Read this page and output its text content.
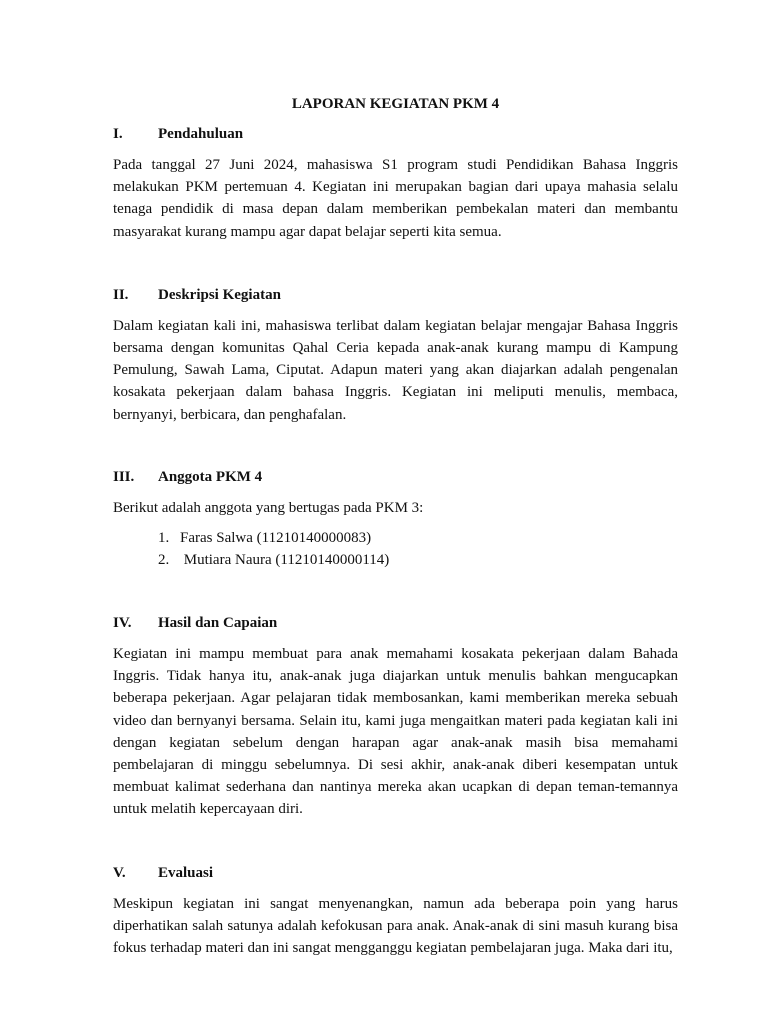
LAPORAN KEGIATAN PKM 4
I.	Pendahuluan

Pada tanggal 27 Juni 2024, mahasiswa S1 program studi Pendidikan Bahasa Inggris melakukan PKM pertemuan 4. Kegiatan ini merupakan bagian dari upaya mahasia selalu tenaga pendidik di masa depan dalam memberikan pembekalan materi dan membantu masyarakat kurang mampu agar dapat belajar seperti kita semua.

II.	Deskripsi Kegiatan

Dalam kegiatan kali ini, mahasiswa terlibat dalam kegiatan belajar mengajar Bahasa Inggris bersama dengan komunitas Qahal Ceria kepada anak-anak kurang mampu di Kampung Pemulung, Sawah Lama, Ciputat. Adapun materi yang akan diajarkan adalah pengenalan kosakata pekerjaan dalam bahasa Inggris. Kegiatan ini meliputi menulis, membaca, bernyanyi, berbicara, dan penghafalan.

III.	Anggota PKM 4

Berikut adalah anggota yang bertugas pada PKM 3:

1. Faras Salwa (11210140000083)
2. Mutiara Naura (11210140000114)
IV.	Hasil dan Capaian

Kegiatan ini mampu membuat para anak memahami kosakata pekerjaan dalam Bahada Inggris. Tidak hanya itu, anak-anak juga diajarkan untuk menulis bahkan mengucapkan beberapa pekerjaan. Agar pelajaran tidak membosankan, kami memberikan mereka sebuah video dan bernyanyi bersama. Selain itu, kami juga mengaitkan materi pada kegiatan kali ini dengan kegiatan sebelum dengan harapan agar anak-anak masih bisa memahami pembelajaran di minggu sebelumnya. Di sesi akhir, anak-anak diberi kesempatan untuk membuat kalimat sederhana dan nantinya mereka akan ucapkan di depan teman-temannya untuk melatih kepercayaan diri.

V.	Evaluasi

Meskipun kegiatan ini sangat menyenangkan, namun ada beberapa poin yang harus diperhatikan salah satunya adalah kefokusan para anak. Anak-anak di sini masuh kurang bisa fokus terhadap materi dan ini sangat mengganggu kegiatan pembelajaran juga. Maka dari itu,
